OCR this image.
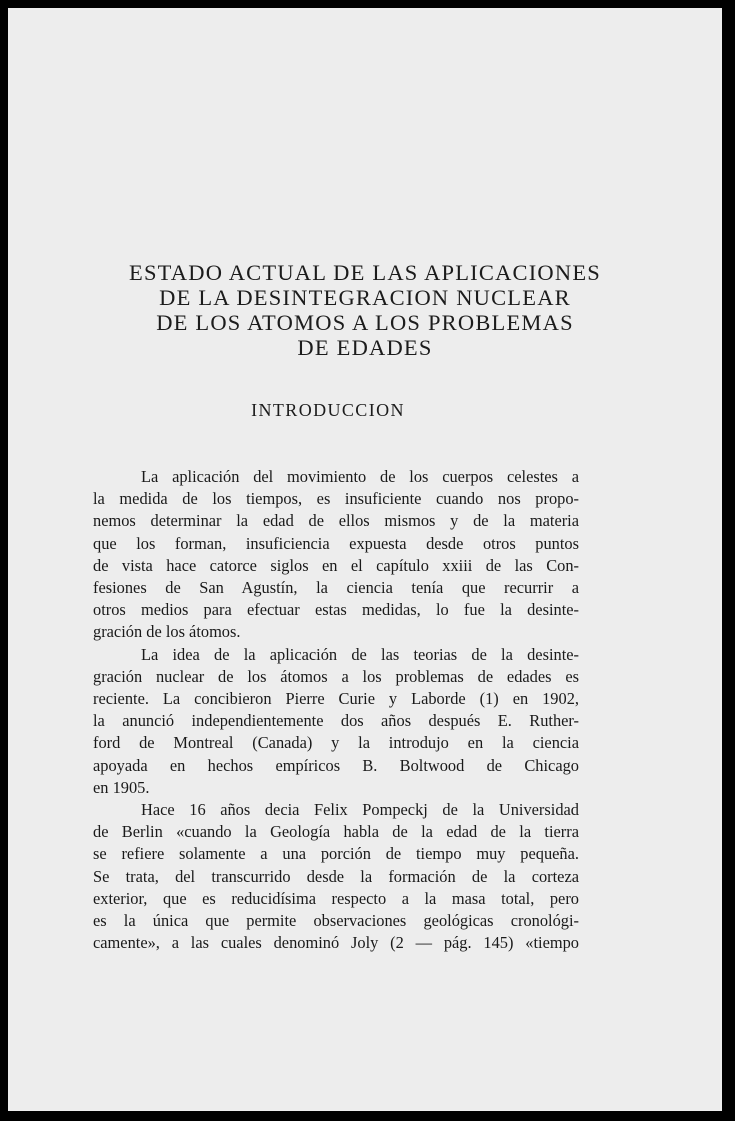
ESTADO ACTUAL DE LAS APLICACIONES
DE LA DESINTEGRACION NUCLEAR
DE LOS ATOMOS A LOS PROBLEMAS
DE EDADES
INTRODUCCION
La aplicación del movimiento de los cuerpos celestes a
la medida de los tiempos, es insuficiente cuando nos propo-
nemos determinar la edad de ellos mismos y de la materia
que los forman, insuficiencia expuesta desde otros puntos
de vista hace catorce siglos en el capítulo xxiii de las Con-
fesiones de San Agustín, la ciencia tenía que recurrir a
otros medios para efectuar estas medidas, lo fue la desinte-
gración de los átomos.
La idea de la aplicación de las teorias de la desinte-
gración nuclear de los átomos a los problemas de edades es
reciente. La concibieron Pierre Curie y Laborde (1) en 1902,
la anunció independientemente dos años después E. Ruther-
ford de Montreal (Canada) y la introdujo en la ciencia
apoyada en hechos empíricos B. Boltwood de Chicago
en 1905.
Hace 16 años decia Felix Pompeckj de la Universidad
de Berlin «cuando la Geología habla de la edad de la tierra
se refiere solamente a una porción de tiempo muy pequeña.
Se trata, del transcurrido desde la formación de la corteza
exterior, que es reducidísima respecto a la masa total, pero
es la única que permite observaciones geológicas cronológi-
camente», a las cuales denominó Joly (2 — pág. 145) «tiempo
